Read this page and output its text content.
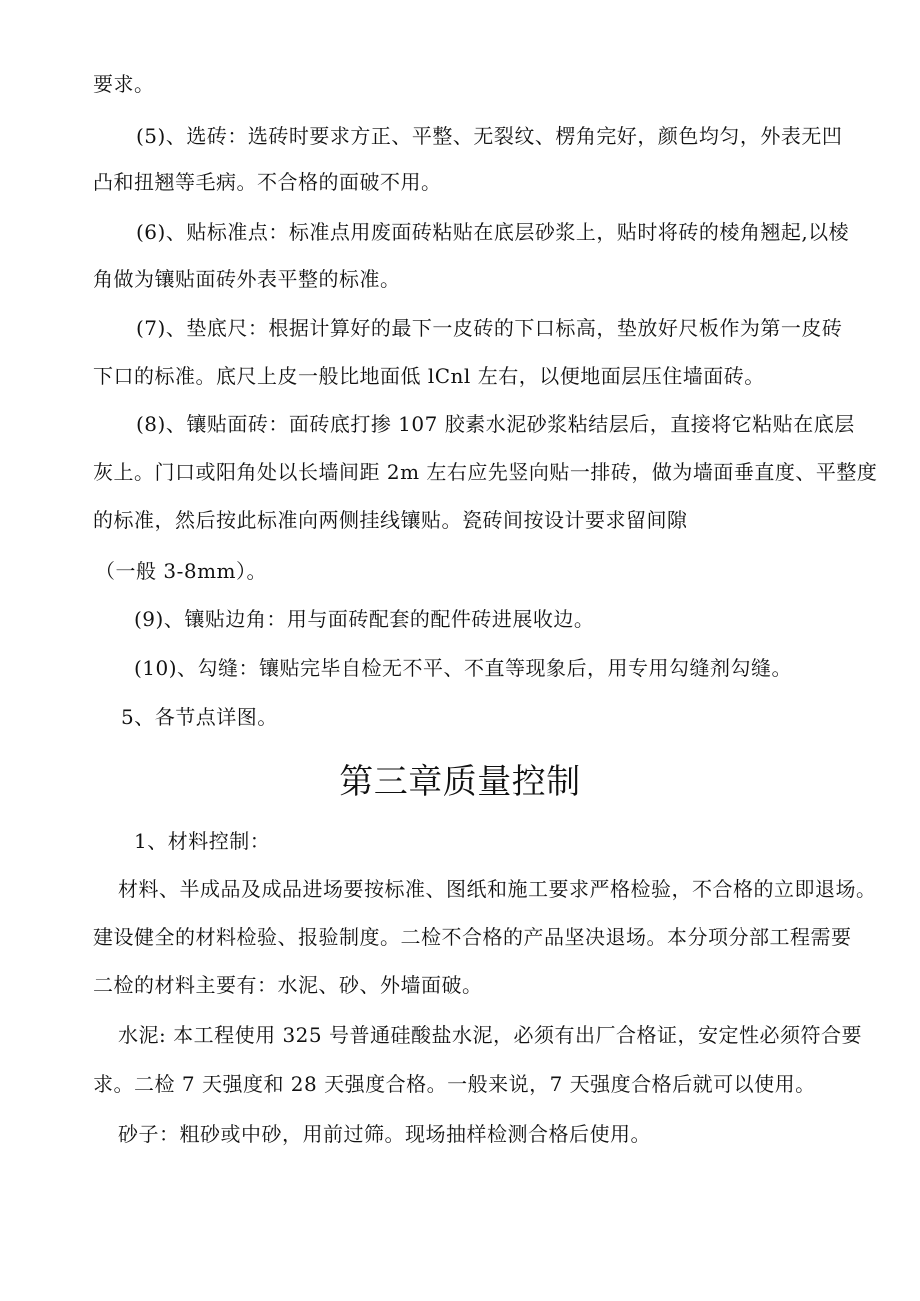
要求。

(5)、选砖：选砖时要求方正、平整、无裂纹、楞角完好，颜色均匀，外表无凹

凸和扭翘等毛病。不合格的面破不用。

(6)、贴标准点：标准点用废面砖粘贴在底层砂浆上，贴时将砖的棱角翘起,以棱

角做为镶贴面砖外表平整的标准。

(7)、垫底尺：根据计算好的最下一皮砖的下口标高，垫放好尺板作为第一皮砖

下口的标准。底尺上皮一般比地面低 lCnl 左右，以便地面层压住墙面砖。

(8)、镶贴面砖：面砖底打掺 107 胶素水泥砂浆粘结层后，直接将它粘贴在底层

灰上。门口或阳角处以长墙间距 2m 左右应先竖向贴一排砖，做为墙面垂直度、平整度

的标准，然后按此标准向两侧挂线镶贴。瓷砖间按设计要求留间隙

（一般 3-8mm）。

(9)、镶贴边角：用与面砖配套的配件砖进展收边。

(10)、勾缝：镶贴完毕自检无不平、不直等现象后，用专用勾缝剂勾缝。

5、各节点详图。

第三章质量控制

1、材料控制：

材料、半成品及成品进场要按标准、图纸和施工要求严格检验，不合格的立即退场。

建设健全的材料检验、报验制度。二检不合格的产品坚决退场。本分项分部工程需要

二检的材料主要有：水泥、砂、外墙面破。

水泥: 本工程使用 325 号普通硅酸盐水泥，必须有出厂合格证，安定性必须符合要

求。二检 7 天强度和 28 天强度合格。一般来说，7 天强度合格后就可以使用。

砂子：粗砂或中砂，用前过筛。现场抽样检测合格后使用。
